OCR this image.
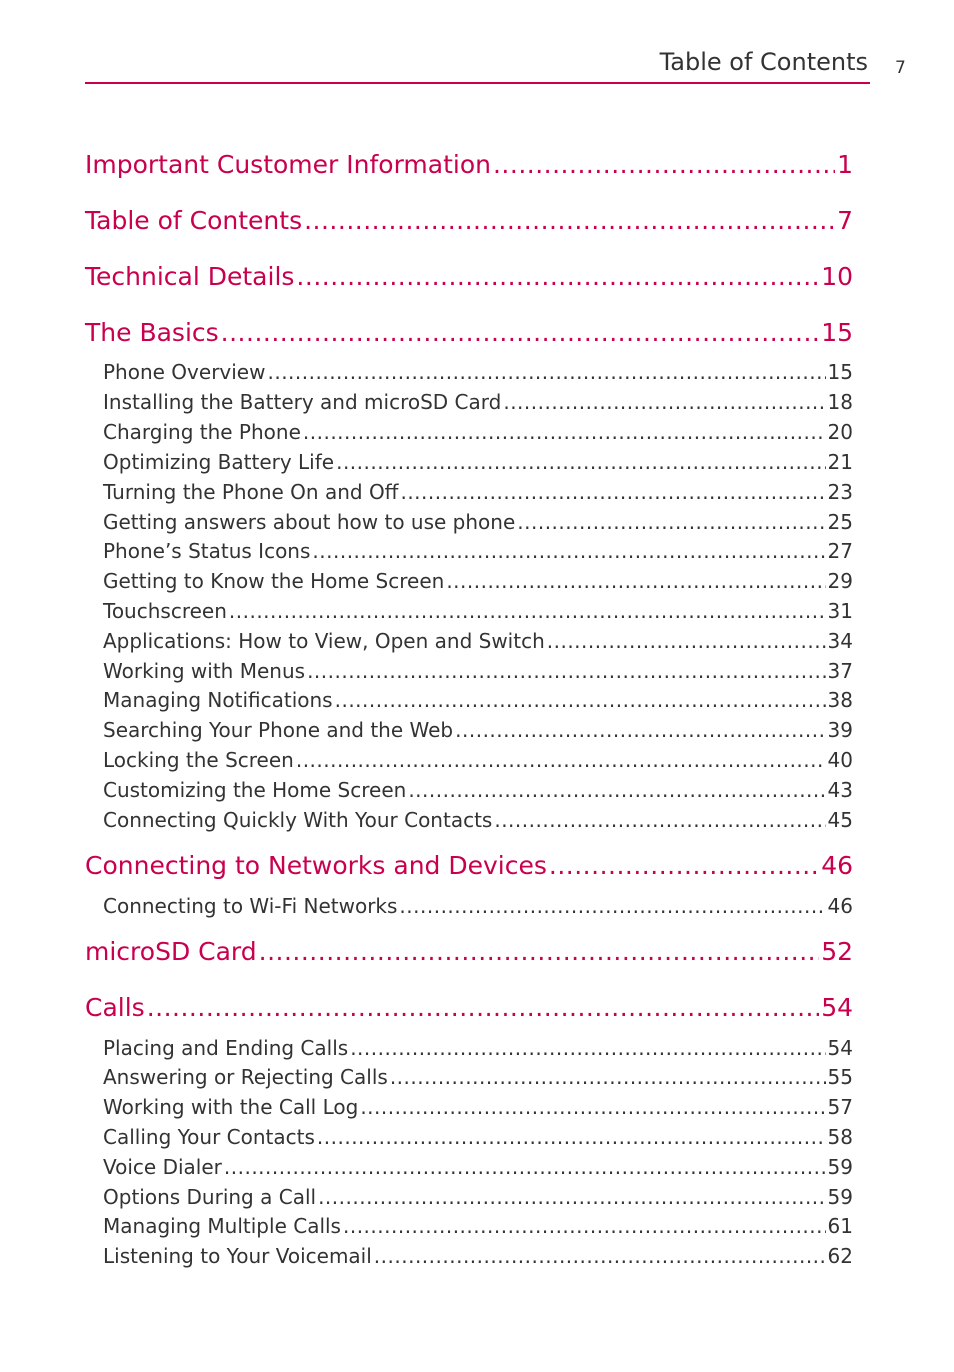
Table of Contents 7
Important Customer Information .....	1
Table of Contents .....	7
Technical Details .....	10
The Basics .....	15
Phone Overview .....	15
Installing the Battery and microSD Card .....	18
Charging the Phone .....	20
Optimizing Battery Life .....	21
Turning the Phone On and Off .....	23
Getting answers about how to use phone .....	25
Phone’s Status Icons .....	27
Getting to Know the Home Screen .....	29
Touchscreen .....	31
Applications: How to View, Open and Switch .....	34
Working with Menus .....	37
Managing Notifications .....	38
Searching Your Phone and the Web .....	39
Locking the Screen .....	40
Customizing the Home Screen .....	43
Connecting Quickly With Your Contacts .....	45
Connecting to Networks and Devices .....	46
Connecting to Wi-Fi Networks .....	46
microSD Card .....	52
Calls .....	54
Placing and Ending Calls .....	54
Answering or Rejecting Calls .....	55
Working with the Call Log .....	57
Calling Your Contacts .....	58
Voice Dialer .....	59
Options During a Call .....	59
Managing Multiple Calls .....	61
Listening to Your Voicemail .....	62
